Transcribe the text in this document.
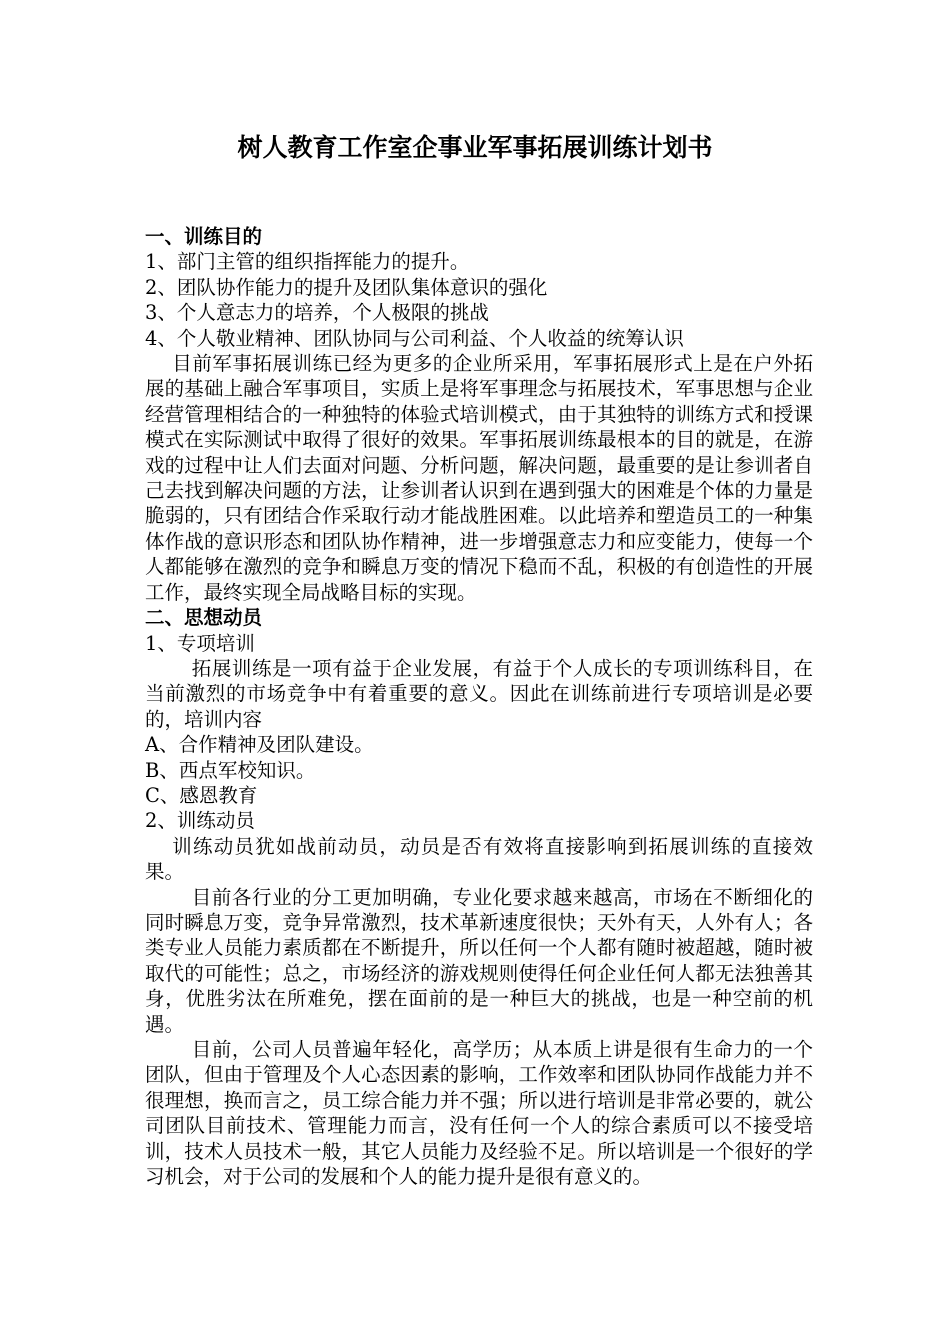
树人教育工作室企事业军事拓展训练计划书

一、训练目的

1、部门主管的组织指挥能力的提升。

2、团队协作能力的提升及团队集体意识的强化

3、个人意志力的培养，个人极限的挑战

4、个人敬业精神、团队协同与公司利益、个人收益的统筹认识

目前军事拓展训练已经为更多的企业所采用，军事拓展形式上是在户外拓展的基础上融合军事项目，实质上是将军事理念与拓展技术，军事思想与企业经营管理相结合的一种独特的体验式培训模式，由于其独特的训练方式和授课模式在实际测试中取得了很好的效果。军事拓展训练最根本的目的就是，在游戏的过程中让人们去面对问题、分析问题，解决问题，最重要的是让参训者自己去找到解决问题的方法，让参训者认识到在遇到强大的困难是个体的力量是脆弱的，只有团结合作采取行动才能战胜困难。以此培养和塑造员工的一种集体作战的意识形态和团队协作精神，进一步增强意志力和应变能力，使每一个人都能够在激烈的竞争和瞬息万变的情况下稳而不乱，积极的有创造性的开展工作，最终实现全局战略目标的实现。

二、思想动员

1、专项培训

拓展训练是一项有益于企业发展，有益于个人成长的专项训练科目，在当前激烈的市场竞争中有着重要的意义。因此在训练前进行专项培训是必要的，培训内容

A、合作精神及团队建设。

B、西点军校知识。

C、感恩教育

2、训练动员

训练动员犹如战前动员，动员是否有效将直接影响到拓展训练的直接效果。

目前各行业的分工更加明确，专业化要求越来越高，市场在不断细化的同时瞬息万变，竞争异常激烈，技术革新速度很快；天外有天，人外有人；各类专业人员能力素质都在不断提升，所以任何一个人都有随时被超越，随时被取代的可能性；总之，市场经济的游戏规则使得任何企业任何人都无法独善其身，优胜劣汰在所难免，摆在面前的是一种巨大的挑战，也是一种空前的机遇。

目前，公司人员普遍年轻化，高学历；从本质上讲是很有生命力的一个团队，但由于管理及个人心态因素的影响，工作效率和团队协同作战能力并不很理想，换而言之，员工综合能力并不强；所以进行培训是非常必要的，就公司团队目前技术、管理能力而言，没有任何一个人的综合素质可以不接受培训，技术人员技术一般，其它人员能力及经验不足。所以培训是一个很好的学习机会，对于公司的发展和个人的能力提升是很有意义的。
